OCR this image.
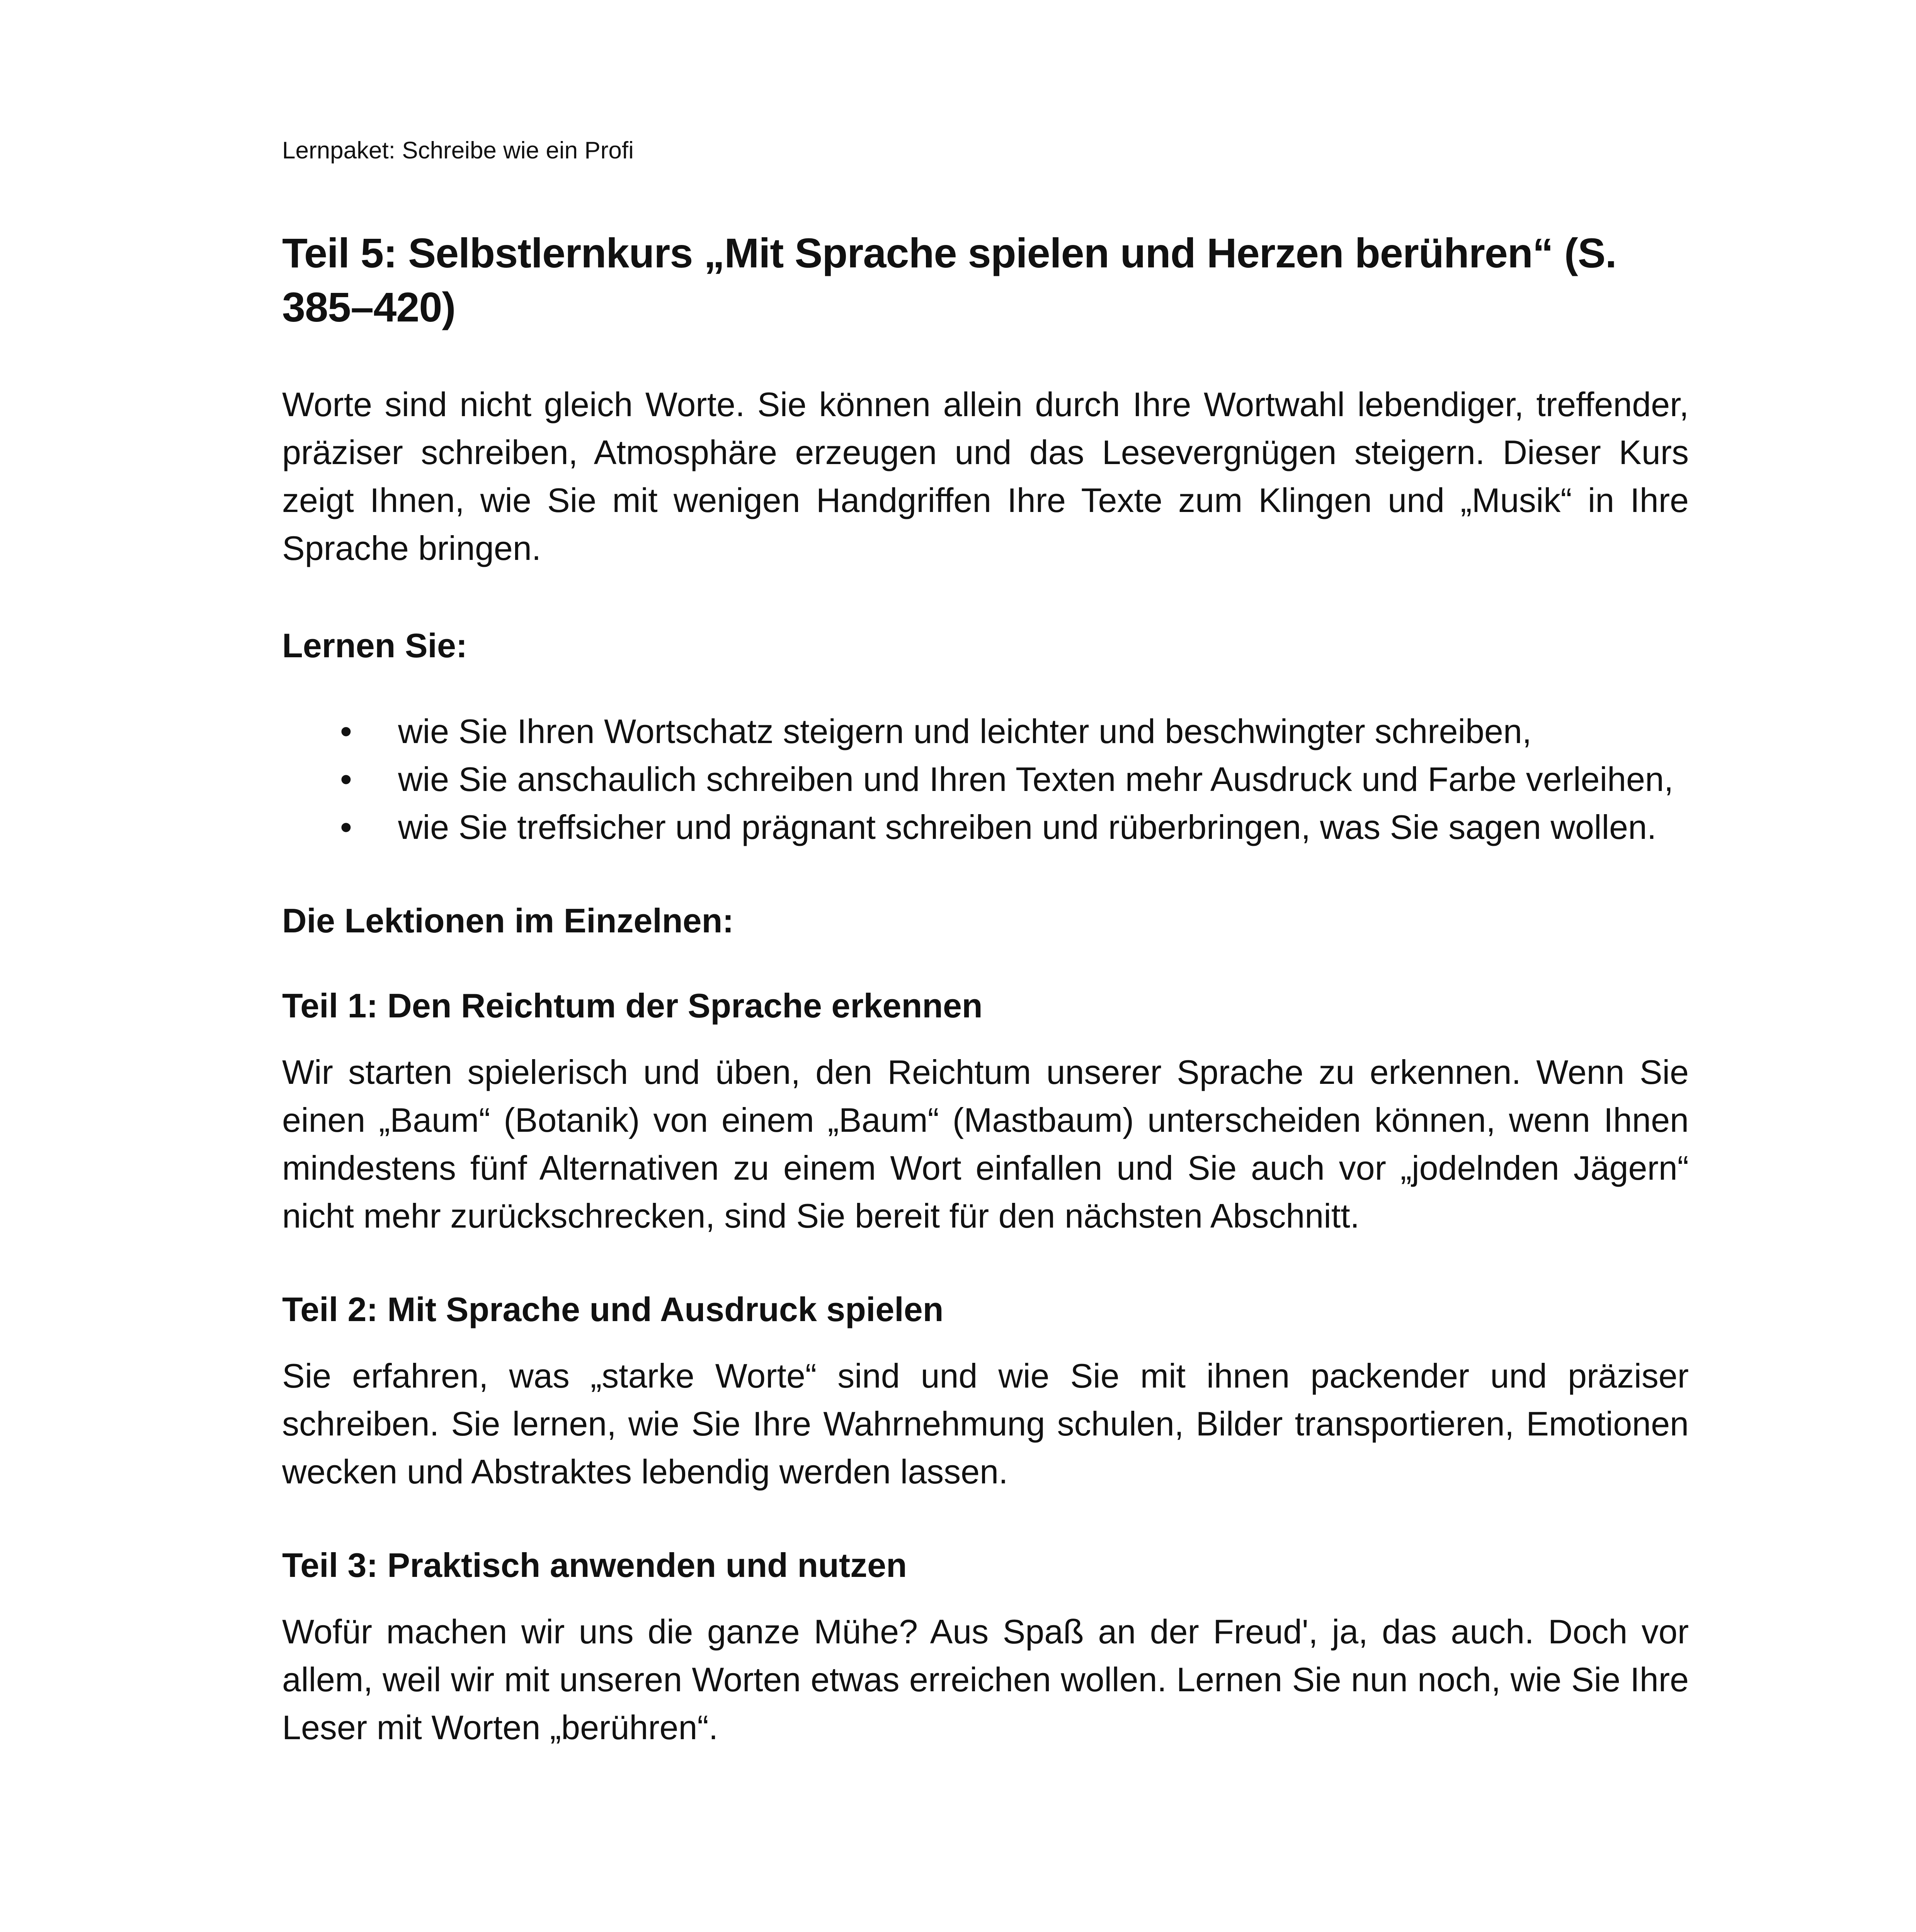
Lernpaket: Schreibe wie ein Profi
Teil 5: Selbstlernkurs „Mit Sprache spielen und Herzen berühren“ (S. 385–420)

Worte sind nicht gleich Worte. Sie können allein durch Ihre Wortwahl lebendiger, treffender, präziser schreiben, Atmosphäre erzeugen und das Lesevergnügen steigern. Dieser Kurs zeigt Ihnen, wie Sie mit wenigen Handgriffen Ihre Texte zum Klingen und „Musik“ in Ihre Sprache bringen.

Lernen Sie:
• wie Sie Ihren Wortschatz steigern und leichter und beschwingter schreiben,
• wie Sie anschaulich schreiben und Ihren Texten mehr Ausdruck und Farbe verleihen,
• wie Sie treffsicher und prägnant schreiben und rüberbringen, was Sie sagen wollen.
Die Lektionen im Einzelnen:
Teil 1: Den Reichtum der Sprache erkennen

Wir starten spielerisch und üben, den Reichtum unserer Sprache zu erkennen. Wenn Sie einen „Baum“ (Botanik) von einem „Baum“ (Mastbaum) unterscheiden können, wenn Ihnen mindestens fünf Alternativen zu einem Wort einfallen und Sie auch vor „jodelnden Jägern“ nicht mehr zurückschrecken, sind Sie bereit für den nächsten Abschnitt.

Teil 2: Mit Sprache und Ausdruck spielen

Sie erfahren, was „starke Worte“ sind und wie Sie mit ihnen packender und präziser schreiben. Sie lernen, wie Sie Ihre Wahrnehmung schulen, Bilder transportieren, Emotionen wecken und Abstraktes lebendig werden lassen.

Teil 3: Praktisch anwenden und nutzen

Wofür machen wir uns die ganze Mühe? Aus Spaß an der Freud', ja, das auch. Doch vor allem, weil wir mit unseren Worten etwas erreichen wollen. Lernen Sie nun noch, wie Sie Ihre Leser mit Worten „berühren“.
